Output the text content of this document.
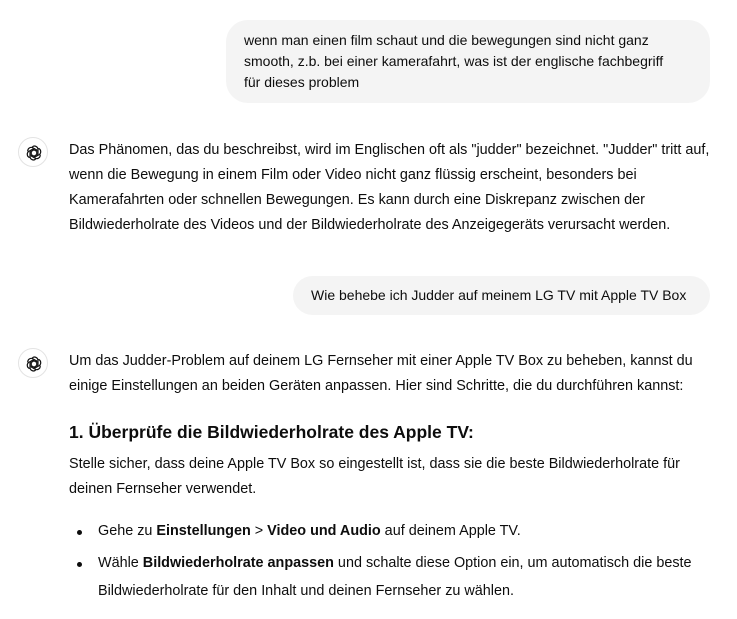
wenn man einen film schaut und die bewegungen sind nicht ganz
smooth, z.b. bei einer kamerafahrt, was ist der englische fachbegriff
für dieses problem
Das Phänomen, das du beschreibst, wird im Englischen oft als "judder" bezeichnet. "Judder" tritt auf,
wenn die Bewegung in einem Film oder Video nicht ganz flüssig erscheint, besonders bei
Kamerafahrten oder schnellen Bewegungen. Es kann durch eine Diskrepanz zwischen der
Bildwiederholrate des Videos und der Bildwiederholrate des Anzeigegeräts verursacht werden.
Wie behebe ich Judder auf meinem LG TV mit Apple TV Box
Um das Judder-Problem auf deinem LG Fernseher mit einer Apple TV Box zu beheben, kannst du
einige Einstellungen an beiden Geräten anpassen. Hier sind Schritte, die du durchführen kannst:
1. Überprüfe die Bildwiederholrate des Apple TV:
Stelle sicher, dass deine Apple TV Box so eingestellt ist, dass sie die beste Bildwiederholrate für
deinen Fernseher verwendet.
Gehe zu Einstellungen > Video und Audio auf deinem Apple TV.
Wähle Bildwiederholrate anpassen und schalte diese Option ein, um automatisch die beste
Bildwiederholrate für den Inhalt und deinen Fernseher zu wählen.
